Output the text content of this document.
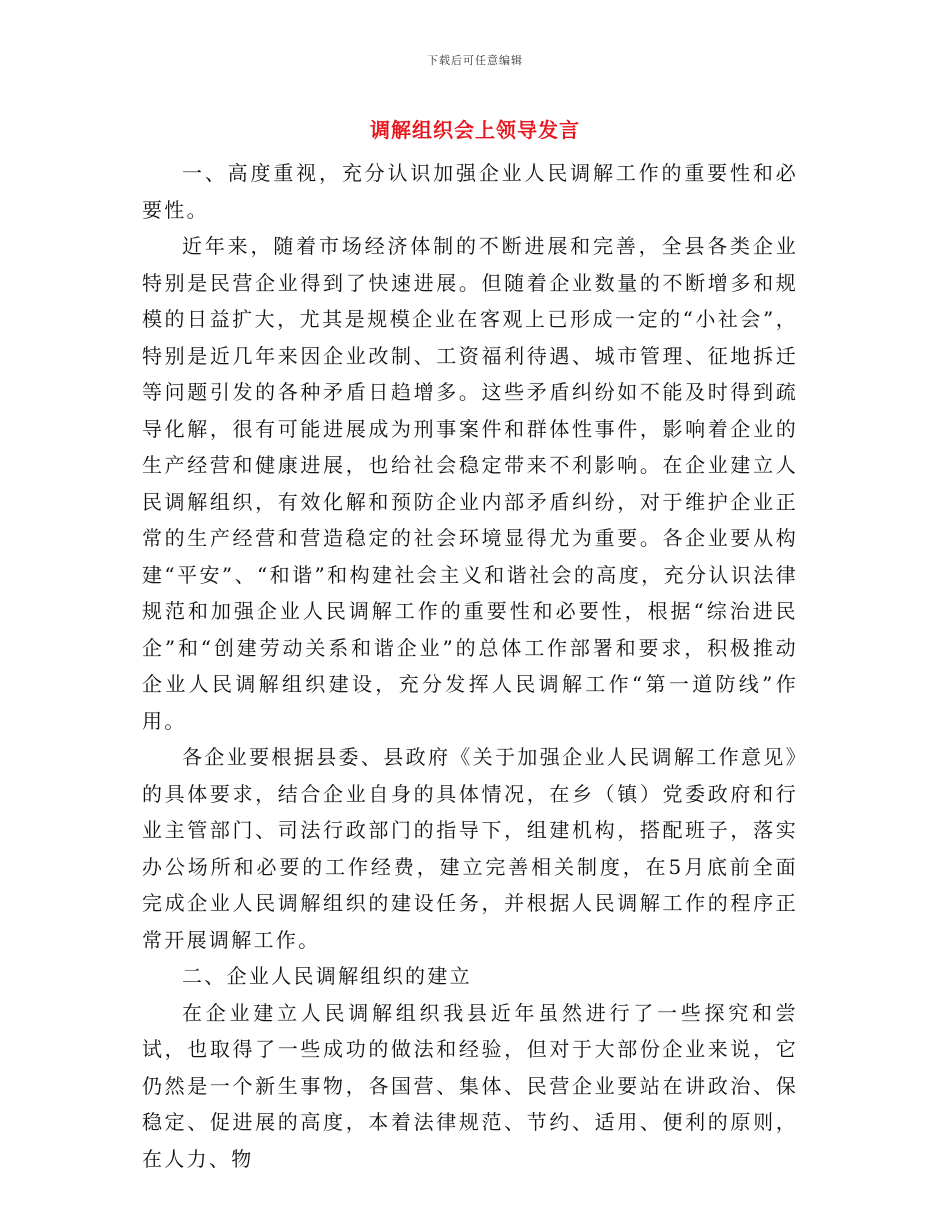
下载后可任意编辑
调解组织会上领导发言

一、高度重视，充分认识加强企业人民调解工作的重要性和必要性。

近年来，随着市场经济体制的不断进展和完善，全县各类企业特别是民营企业得到了快速进展。但随着企业数量的不断增多和规模的日益扩大，尤其是规模企业在客观上已形成一定的“小社会”，特别是近几年来因企业改制、工资福利待遇、城市管理、征地拆迁等问题引发的各种矛盾日趋增多。这些矛盾纠纷如不能及时得到疏导化解，很有可能进展成为刑事案件和群体性事件，影响着企业的生产经营和健康进展，也给社会稳定带来不利影响。在企业建立人民调解组织，有效化解和预防企业内部矛盾纠纷，对于维护企业正常的生产经营和营造稳定的社会环境显得尤为重要。各企业要从构建“平安”、“和谐”和构建社会主义和谐社会的高度，充分认识法律规范和加强企业人民调解工作的重要性和必要性，根据“综治进民企”和“创建劳动关系和谐企业”的总体工作部署和要求，积极推动企业人民调解组织建设，充分发挥人民调解工作“第一道防线”作用。

各企业要根据县委、县政府《关于加强企业人民调解工作意见》的具体要求，结合企业自身的具体情况，在乡（镇）党委政府和行业主管部门、司法行政部门的指导下，组建机构，搭配班子，落实办公场所和必要的工作经费，建立完善相关制度，在5月底前全面完成企业人民调解组织的建设任务，并根据人民调解工作的程序正常开展调解工作。

二、企业人民调解组织的建立

在企业建立人民调解组织我县近年虽然进行了一些探究和尝试，也取得了一些成功的做法和经验，但对于大部份企业来说，它仍然是一个新生事物，各国营、集体、民营企业要站在讲政治、保稳定、促进展的高度，本着法律规范、节约、适用、便利的原则，在人力、物
